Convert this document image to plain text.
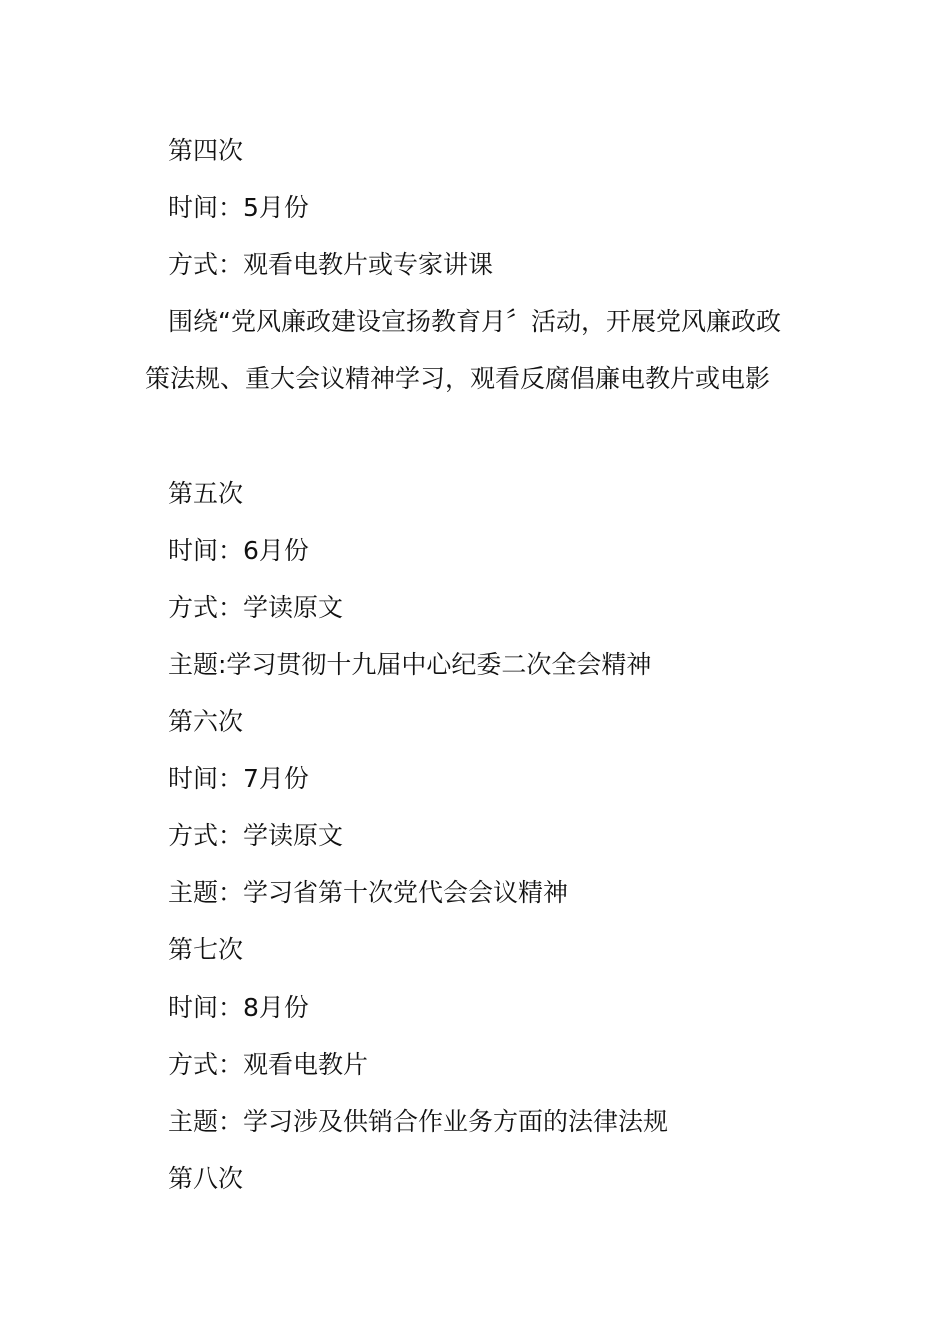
第四次
时间：5月份
方式：观看电教片或专家讲课
围绕“党风廉政建设宣扬教育月〞活动，开展党风廉政政
策法规、重大会议精神学习，观看反腐倡廉电教片或电影
第五次
时间：6月份
方式：学读原文
主题:学习贯彻十九届中心纪委二次全会精神
第六次
时间：7月份
方式：学读原文
主题：学习省第十次党代会会议精神
第七次
时间：8月份
方式：观看电教片
主题：学习涉及供销合作业务方面的法律法规
第八次
